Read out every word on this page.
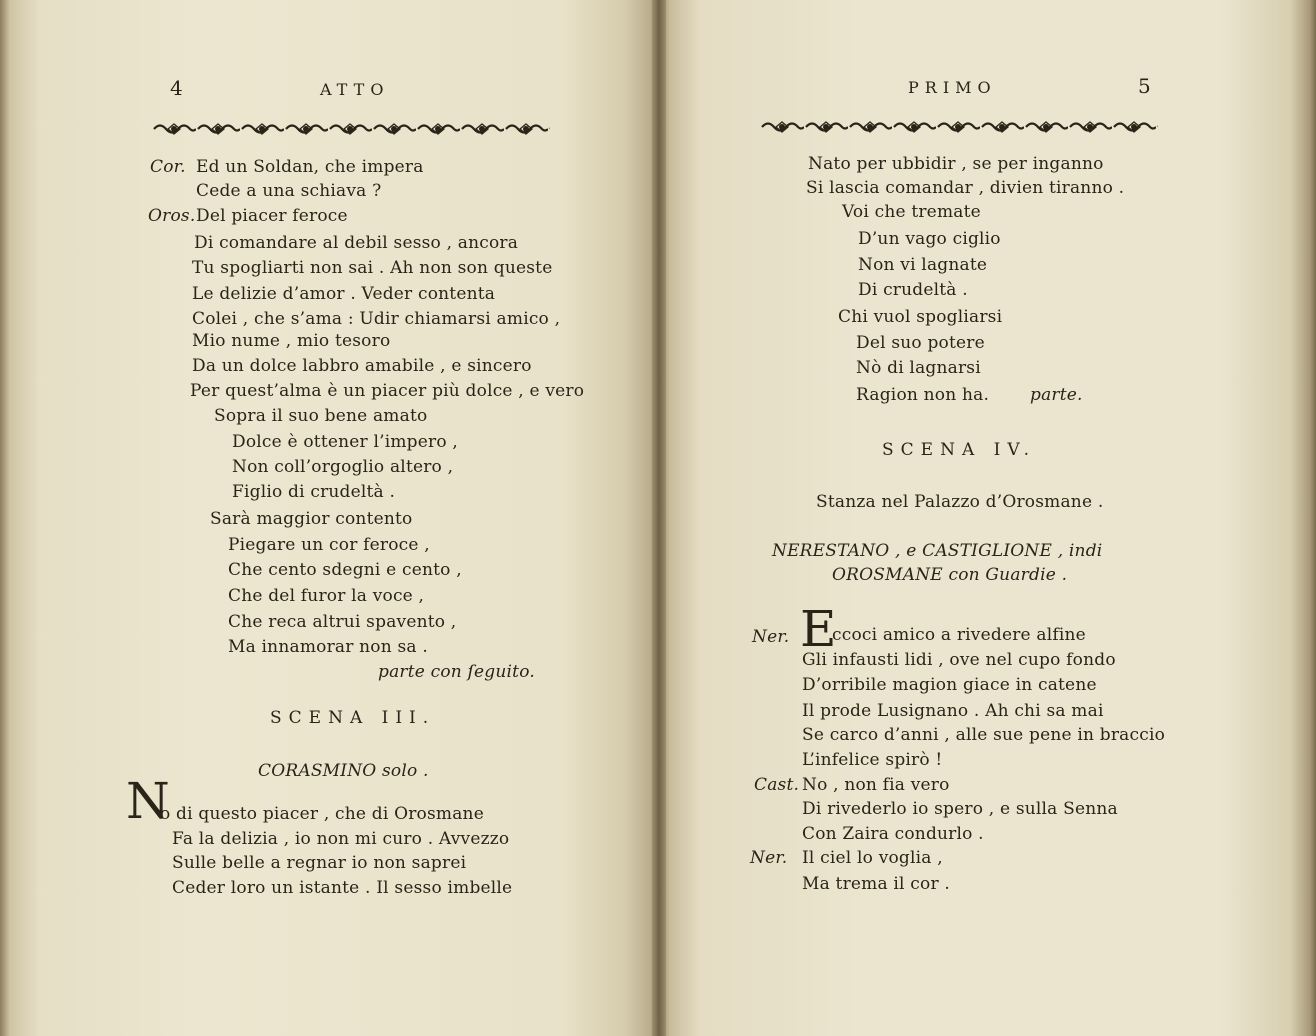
4	ATTO
Cor. Ed un Soldan, che impera
Cede a una schiava ?
Oros. Del piacer feroce
Di comandare al debil sesso , ancora
Tu spogliarti non sai . Ah non son queste
Le delizie d’amor . Veder contenta
Colei , che s’ama : Udir chiamarsi amico ,
Mio nume , mio tesoro
Da un dolce labbro amabile , e sincero
Per quest’alma è un piacer più dolce , e vero
Sopra il suo bene amato
Dolce è ottener l’impero ,
Non coll’orgoglio altero ,
Figlio di crudeltà .
Sarà maggior contento
Piegare un cor feroce ,
Che cento sdegni e cento ,
Che del furor la voce ,
Che reca altrui spavento ,
Ma innamorar non sa .
parte con ſeguito.
SCENA III.
CORASMINO solo .
N
o di questo piacer , che di Orosmane
Fa la delizia , io non mi curo . Avvezzo
Sulle belle a regnar io non saprei
Ceder loro un istante . Il sesso imbelle
PRIMO	5
Nato per ubbidir , se per inganno
Si lascia comandar , divien tiranno .
Voi che tremate
D’un vago ciglio
Non vi lagnate
Di crudeltà .
Chi vuol spogliarsi
Del suo potere
Nò di lagnarsi
Ragion non ha. parte.
SCENA IV.
Stanza nel Palazzo d’Orosmane .
NERESTANO , e CASTIGLIONE , indi
OROSMANE con Guardie .
Ner. E
ccoci amico a rivedere alfine
Gli infausti lidi , ove nel cupo fondo
D’orribile magion giace in catene
Il prode Lusignano . Ah chi sa mai
Se carco d’anni , alle sue pene in braccio
L’infelice spirò !
Cast. No , non fia vero
Di rivederlo io spero , e sulla Senna
Con Zaira condurlo .
Ner. Il ciel lo voglia ,
Ma trema il cor .
